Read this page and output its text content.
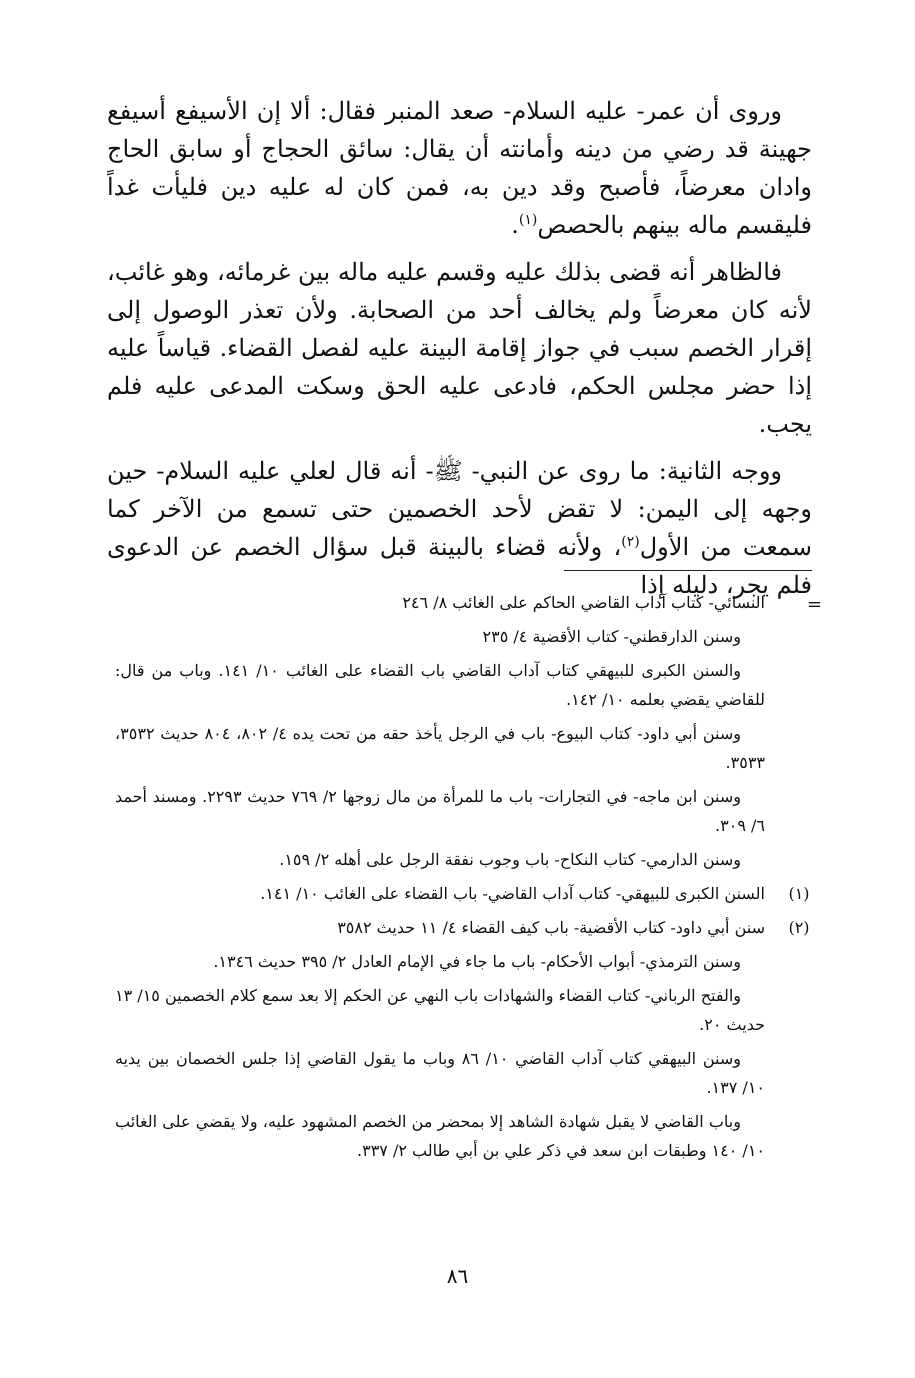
وروى أن عمر- عليه السلام- صعد المنبر فقال: ألا إن الأسيفع أسيفع جهينة قد رضي من دينه وأمانته أن يقال: سائق الحجاج أو سابق الحاج وادان معرضاً، فأصبح وقد دين به، فمن كان له عليه دين فليأت غداً فليقسم ماله بينهم بالحصص$^{(١)}$.

فالظاهر أنه قضى بذلك عليه وقسم عليه ماله بين غرمائه، وهو غائب، لأنه كان معرضاً ولم يخالف أحد من الصحابة. ولأن تعذر الوصول إلى إقرار الخصم سبب في جواز إقامة البينة عليه لفصل القضاء. قياساً عليه إذا حضر مجلس الحكم، فادعى عليه الحق وسكت المدعى عليه فلم يجب.

ووجه الثانية: ما روى عن النبي- ﷺ- أنه قال لعلي عليه السلام- حين وجهه إلى اليمن: لا تقض لأحد الخصمين حتى تسمع من الآخر كما سمعت من الأول$^{(٢)}$، ولأنه قضاء بالبينة قبل سؤال الخصم عن الدعوى فلم يجر، دليله إذا

=

النسائي- كتاب آداب القاضي الحاكم على الغائب ٨/ ٢٤٦

وسنن الدارقطني- كتاب الأقضية ٤/ ٢٣٥

والسنن الكبرى للبيهقي كتاب آداب القاضي باب القضاء على الغائب ١٠/ ١٤١. وباب من قال: للقاضي يقضي بعلمه ١٠/ ١٤٢.

وسنن أبي داود- كتاب البيوع- باب في الرجل يأخذ حقه من تحت يده ٤/ ٨٠٢، ٨٠٤ حديث ٣٥٣٢، ٣٥٣٣.

وسنن ابن ماجه- في التجارات- باب ما للمرأة من مال زوجها ٢/ ٧٦٩ حديث ٢٢٩٣. ومسند أحمد ٦/ ٣٠٩.

وسنن الدارمي- كتاب النكاح- باب وجوب نفقة الرجل على أهله ٢/ ١٥٩.

(١)
السنن الكبرى للبيهقي- كتاب آداب القاضي- باب القضاء على الغائب ١٠/ ١٤١.

(٢)
سنن أبي داود- كتاب الأقضية- باب كيف القضاء ٤/ ١١ حديث ٣٥٨٢

وسنن الترمذي- أبواب الأحكام- باب ما جاء في الإمام العادل ٢/ ٣٩٥ حديث ١٣٤٦.

والفتح الرباني- كتاب القضاء والشهادات باب النهي عن الحكم إلا بعد سمع كلام الخصمين ١٥/ ١٣ حديث ٢٠.

وسنن البيهقي كتاب آداب القاضي ١٠/ ٨٦ وباب ما يقول القاضي إذا جلس الخصمان بين يديه ١٠/ ١٣٧.

وباب القاضي لا يقبل شهادة الشاهد إلا بمحضر من الخصم المشهود عليه، ولا يقضي على الغائب ١٠/ ١٤٠ وطبقات ابن سعد في ذكر علي بن أبي طالب ٢/ ٣٣٧.

٨٦
